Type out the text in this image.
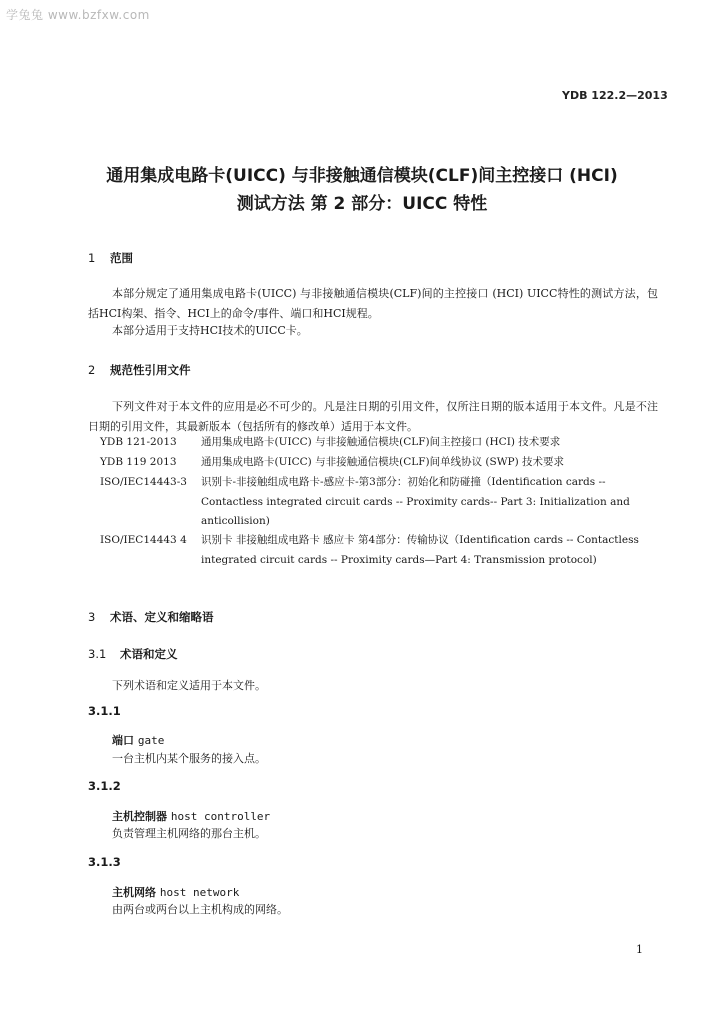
学兔兔 www.bzfxw.com
YDB 122.2—2013
通用集成电路卡(UICC) 与非接触通信模块(CLF)间主控接口 (HCI)
测试方法 第 2 部分：UICC 特性
1 范围
本部分规定了通用集成电路卡(UICC) 与非接触通信模块(CLF)间的主控接口 (HCI) UICC特性的测试方法，包括HCI构架、指令、HCI上的命令/事件、端口和HCI规程。
本部分适用于支持HCI技术的UICC卡。
2 规范性引用文件
下列文件对于本文件的应用是必不可少的。凡是注日期的引用文件，仅所注日期的版本适用于本文件。凡是不注日期的引用文件，其最新版本（包括所有的修改单）适用于本文件。
YDB 121-2013 通用集成电路卡(UICC) 与非接触通信模块(CLF)间主控接口 (HCI) 技术要求
YDB 119 2013 通用集成电路卡(UICC) 与非接触通信模块(CLF)间单线协议 (SWP) 技术要求
ISO/IEC14443-3 识别卡-非接触组成电路卡-感应卡-第3部分：初始化和防碰撞（Identification cards -- Contactless integrated circuit cards -- Proximity cards-- Part 3: Initialization and anticollision)
ISO/IEC14443 4 识别卡 非接触组成电路卡 感应卡 第4部分：传输协议（Identification cards -- Contactless integrated circuit cards -- Proximity cards—Part 4: Transmission protocol)
3 术语、定义和缩略语
3.1 术语和定义
下列术语和定义适用于本文件。
3.1.1
端口 gate
一台主机内某个服务的接入点。
3.1.2
主机控制器 host controller
负责管理主机网络的那台主机。
3.1.3
主机网络 host network
由两台或两台以上主机构成的网络。
1
